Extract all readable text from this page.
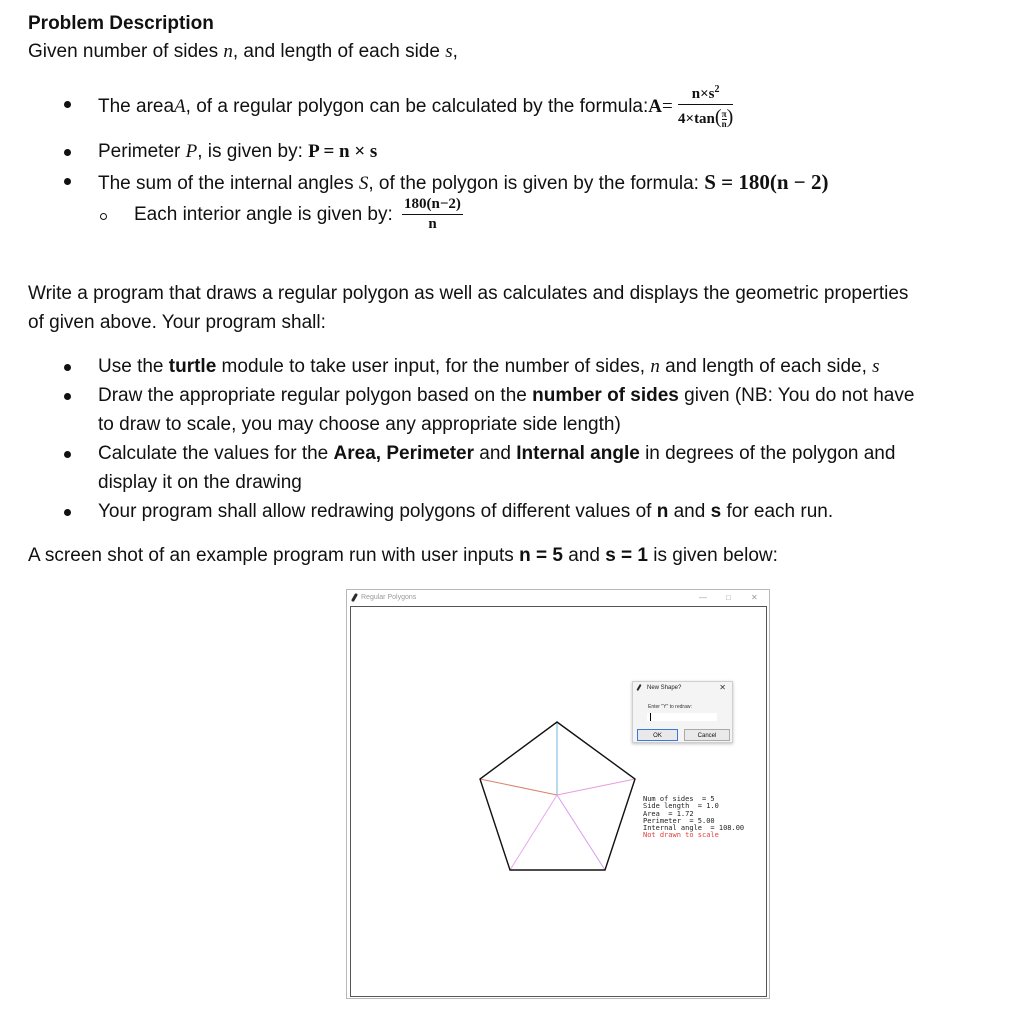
Problem Description
Given number of sides n, and length of each side s,
The areaA, of a regular polygon can be calculated by the formula:A= $\frac{n\times s^2}{4\times\tan( \frac{\pi}{n} )}$
Perimeter P, is given by: P = n × s
The sum of the internal angles S, of the polygon is given by the formula: S = 180(n − 2)
Each interior angle is given by: $\frac{180(n-2)}{n}$
Write a program that draws a regular polygon as well as calculates and displays the geometric properties
of given above. Your program shall:
Use the turtle module to take user input, for the number of sides, n and length of each side, s
Draw the appropriate regular polygon based on the number of sides given (NB: You do not have
to draw to scale, you may choose any appropriate side length)
Calculate the values for the Area, Perimeter and Internal angle in degrees of the polygon and
display it on the drawing
Your program shall allow redrawing polygons of different values of n and s for each run.
A screen shot of an example program run with user inputs n = 5 and s = 1 is given below:
Regular Polygons	— □	✕
New Shape?	✕
Enter "Y" to redraw:
OK	Cancel
Num of sides  = 5
Side length  = 1.0
Area  = 1.72
Perimeter  = 5.00
Internal angle  = 108.00
Not drawn to scale
